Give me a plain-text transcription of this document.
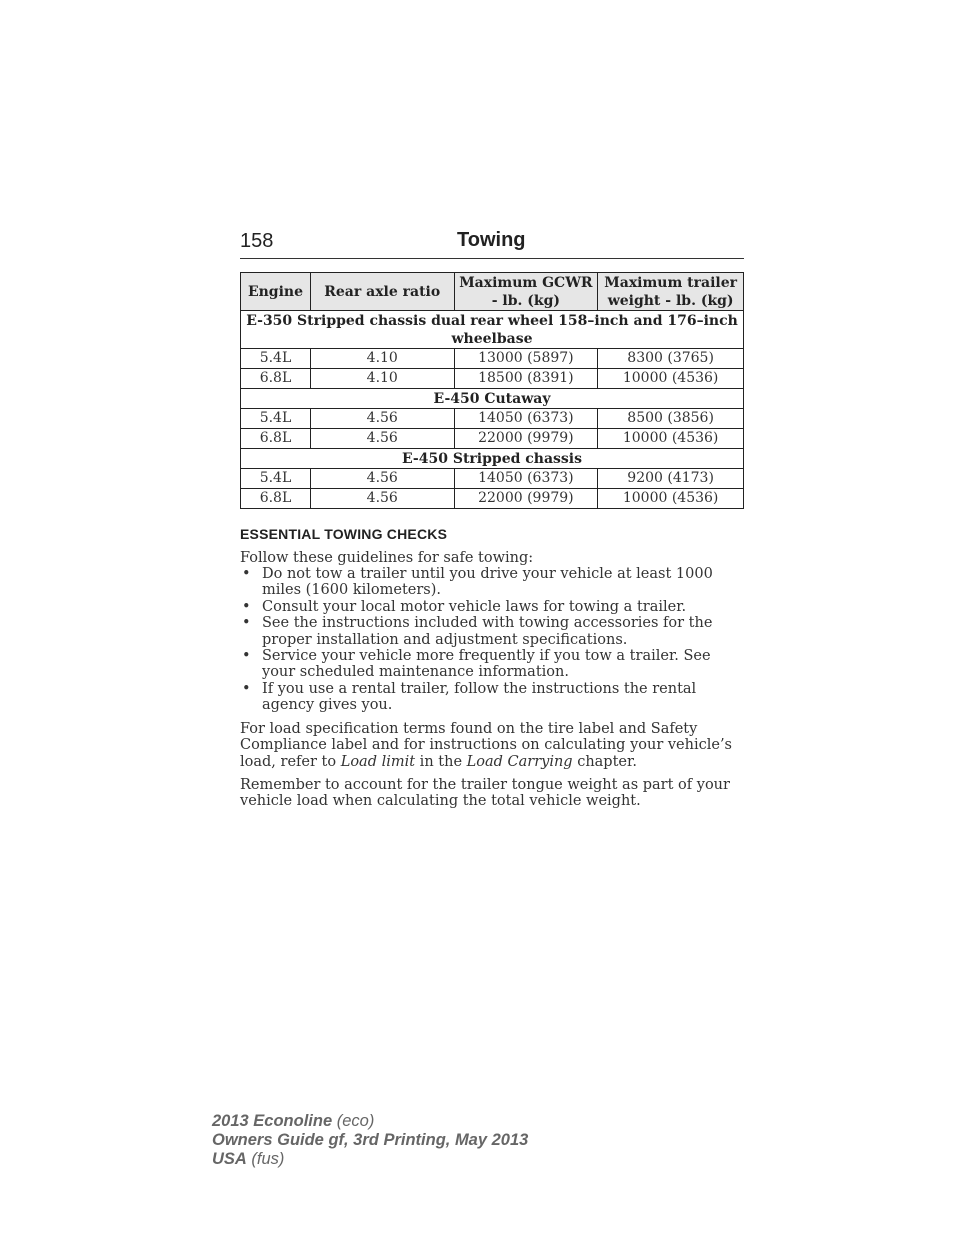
158	Towing
Engine	Rear axle ratio	Maximum GCWR - lb. (kg)	Maximum trailer weight - lb. (kg)
E-350 Stripped chassis dual rear wheel 158–inch and 176–inch wheelbase			
5.4L	4.10	13000 (5897)	8300 (3765)
6.8L	4.10	18500 (8391)	10000 (4536)
E-450 Cutaway			
5.4L	4.56	14050 (6373)	8500 (3856)
6.8L	4.56	22000 (9979)	10000 (4536)
E-450 Stripped chassis			
5.4L	4.56	14050 (6373)	9200 (4173)
6.8L	4.56	22000 (9979)	10000 (4536)
ESSENTIAL TOWING CHECKS
Follow these guidelines for safe towing:
• Do not tow a trailer until you drive your vehicle at least 1000 miles (1600 kilometers).
• Consult your local motor vehicle laws for towing a trailer.
• See the instructions included with towing accessories for the proper installation and adjustment specifications.
• Service your vehicle more frequently if you tow a trailer. See your scheduled maintenance information.
• If you use a rental trailer, follow the instructions the rental agency gives you.
For load specification terms found on the tire label and Safety Compliance label and for instructions on calculating your vehicle’s load, refer to Load limit in the Load Carrying chapter.
Remember to account for the trailer tongue weight as part of your vehicle load when calculating the total vehicle weight.
2013 Econoline (eco)
Owners Guide gf, 3rd Printing, May 2013
USA (fus)
